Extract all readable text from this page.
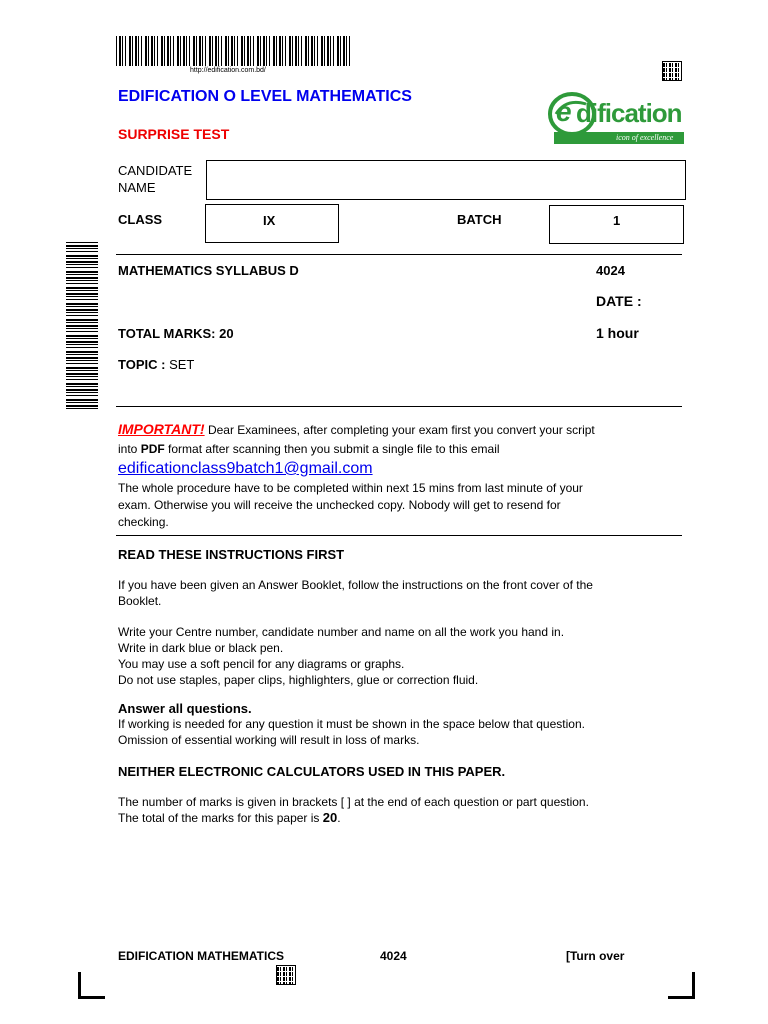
http://edification.com.bd/
EDIFICATION O LEVEL MATHEMATICS
SURPRISE TEST
e dification
icon of excellence
CANDIDATE NAME
CLASS	IX	BATCH	1
MATHEMATICS SYLLABUS D	4024
DATE :
TOTAL MARKS: 20	1 hour
TOPIC : SET
IMPORTANT! Dear Examinees, after completing your exam first you convert your script
into PDF format after scanning then you submit a single file to this email
edificationclass9batch1@gmail.com
The whole procedure have to be completed within next 15 mins from last minute of your
exam. Otherwise you will receive the unchecked copy. Nobody will get to resend for
checking.
READ THESE INSTRUCTIONS FIRST
If you have been given an Answer Booklet, follow the instructions on the front cover of the
Booklet.
Write your Centre number, candidate number and name on all the work you hand in.
Write in dark blue or black pen.
You may use a soft pencil for any diagrams or graphs.
Do not use staples, paper clips, highlighters, glue or correction fluid.
Answer all questions.
If working is needed for any question it must be shown in the space below that question.
Omission of essential working will result in loss of marks.
NEITHER ELECTRONIC CALCULATORS USED IN THIS PAPER.
The number of marks is given in brackets [ ] at the end of each question or part question.
The total of the marks for this paper is 20.
EDIFICATION MATHEMATICS	4024	[Turn over
